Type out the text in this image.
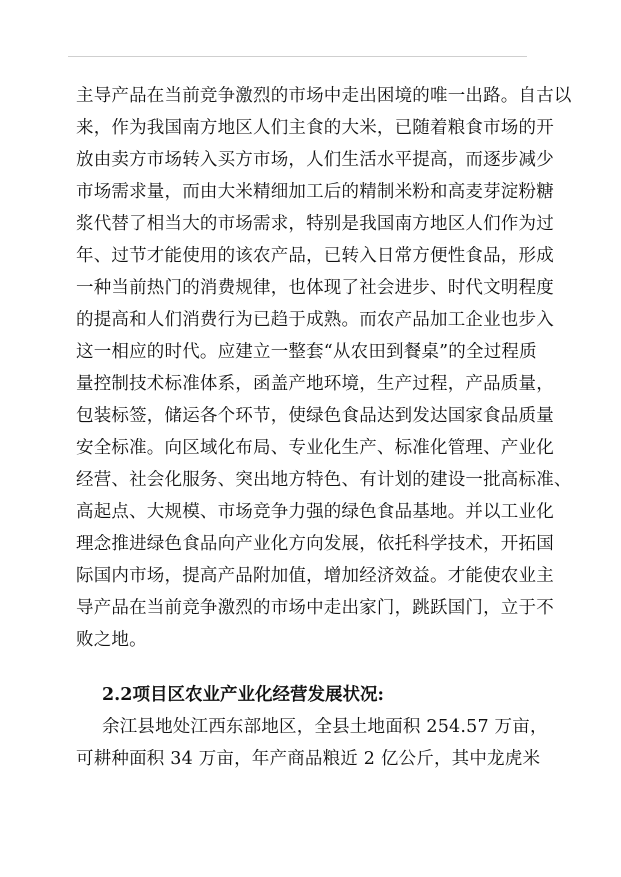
主导产品在当前竞争激烈的市场中走出困境的唯一出路。自古以
来，作为我国南方地区人们主食的大米，已随着粮食市场的开
放由卖方市场转入买方市场，人们生活水平提高，而逐步减少
市场需求量，而由大米精细加工后的精制米粉和高麦芽淀粉糖
浆代替了相当大的市场需求，特别是我国南方地区人们作为过
年、过节才能使用的该农产品，已转入日常方便性食品，形成
一种当前热门的消费规律，也体现了社会进步、时代文明程度
的提高和人们消费行为已趋于成熟。而农产品加工企业也步入
这一相应的时代。应建立一整套“从农田到餐桌”的全过程质
量控制技术标准体系，函盖产地环境，生产过程，产品质量，
包装标签，储运各个环节，使绿色食品达到发达国家食品质量
安全标准。向区域化布局、专业化生产、标准化管理、产业化
经营、社会化服务、突出地方特色、有计划的建设一批高标准、
高起点、大规模、市场竞争力强的绿色食品基地。并以工业化
理念推进绿色食品向产业化方向发展，依托科学技术，开拓国
际国内市场，提高产品附加值，增加经济效益。才能使农业主
导产品在当前竞争激烈的市场中走出家门，跳跃国门，立于不
败之地。
2.2项目区农业产业化经营发展状况:
余江县地处江西东部地区，全县土地面积 254.57 万亩，
可耕种面积 34 万亩，年产商品粮近 2 亿公斤，其中龙虎米
